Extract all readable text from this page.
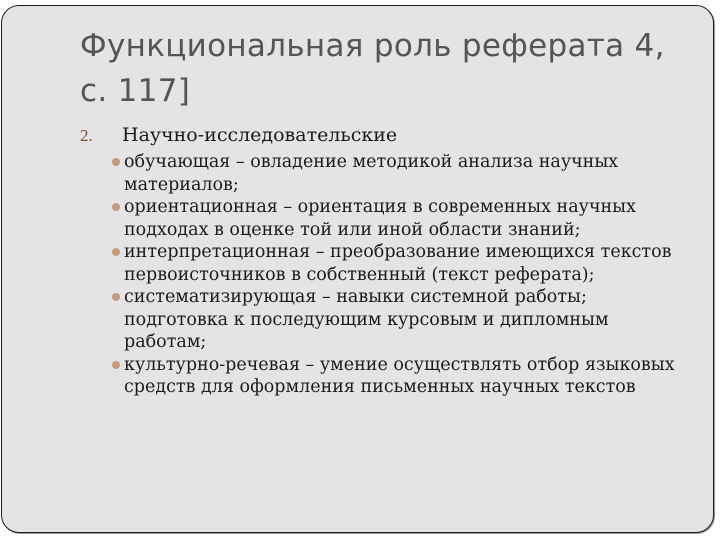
Функциональная роль реферата 4, с. 117]
2.	Научно-исследовательские
обучающая – овладение методикой анализа научных материалов;
ориентационная – ориентация в современных научных подходах в оценке той или иной области знаний;
интерпретационная – преобразование имеющихся текстов первоисточников в собственный (текст реферата);
систематизирующая – навыки системной работы; подготовка к последующим курсовым и дипломным работам;
культурно-речевая – умение осуществлять отбор языковых средств для оформления письменных научных текстов
